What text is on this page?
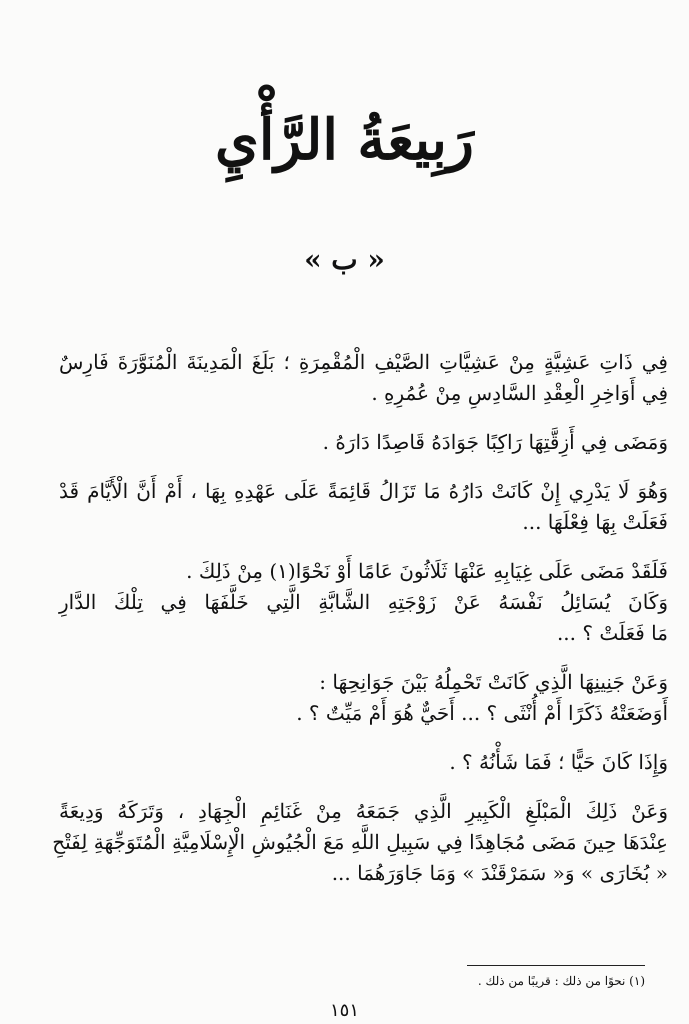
رَبِيعَةُ الرَّأْيِ
« ب »
فِي ذَاتِ عَشِيَّةٍ مِنْ عَشِيَّاتِ الصَّيْفِ الْمُقْمِرَةِ ؛ بَلَغَ الْمَدِينَةَ الْمُنَوَّرَةَ فَارِسٌ
فِي أَوَاخِرِ الْعِقْدِ السَّادِسِ مِنْ عُمُرِهِ .
وَمَضَى فِي أَزِقَّتِهَا رَاكِبًا جَوَادَهُ قَاصِدًا دَارَهُ .
وَهُوَ لَا يَدْرِي إِنْ كَانَتْ دَارُهُ مَا تَزَالُ قَائِمَةً عَلَى عَهْدِهِ بِهَا ، أَمْ أَنَّ الْأَيَّامَ قَدْ
فَعَلَتْ بِهَا فِعْلَهَا ...
فَلَقَدْ مَضَى عَلَى غِيَابِهِ عَنْهَا ثَلَاثُونَ عَامًا أَوْ نَحْوًا(١) مِنْ ذَلِكَ .
وَكَانَ يُسَائِلُ نَفْسَهُ عَنْ زَوْجَتِهِ الشَّابَّةِ الَّتِي خَلَّفَهَا فِي تِلْكَ الدَّارِ
مَا فَعَلَتْ ؟ ...
وَعَنْ جَنِينِهَا الَّذِي كَانَتْ تَحْمِلُهُ بَيْنَ جَوَانِحِهَا :
أَوَضَعَتْهُ ذَكَرًا أَمْ أُنْثَى ؟ ... أَحَيٌّ هُوَ أَمْ مَيِّتٌ ؟ .
وَإِذَا كَانَ حَيًّا ؛ فَمَا شَأْنُهُ ؟ .
وَعَنْ ذَلِكَ الْمَبْلَغِ الْكَبِيرِ الَّذِي جَمَعَهُ مِنْ غَنَائِمِ الْجِهَادِ ، وَتَرَكَهُ وَدِيعَةً
عِنْدَهَا حِينَ مَضَى مُجَاهِدًا فِي سَبِيلِ اللَّهِ مَعَ الْجُيُوشِ الْإِسْلَامِيَّةِ الْمُتَوَجِّهَةِ لِفَتْحِ
« بُخَارَى » وَ« سَمَرْقَنْدَ » وَمَا جَاوَرَهُمَا ...
(١) نحوًا من ذلك : قريبًا من ذلك .
١٥١
